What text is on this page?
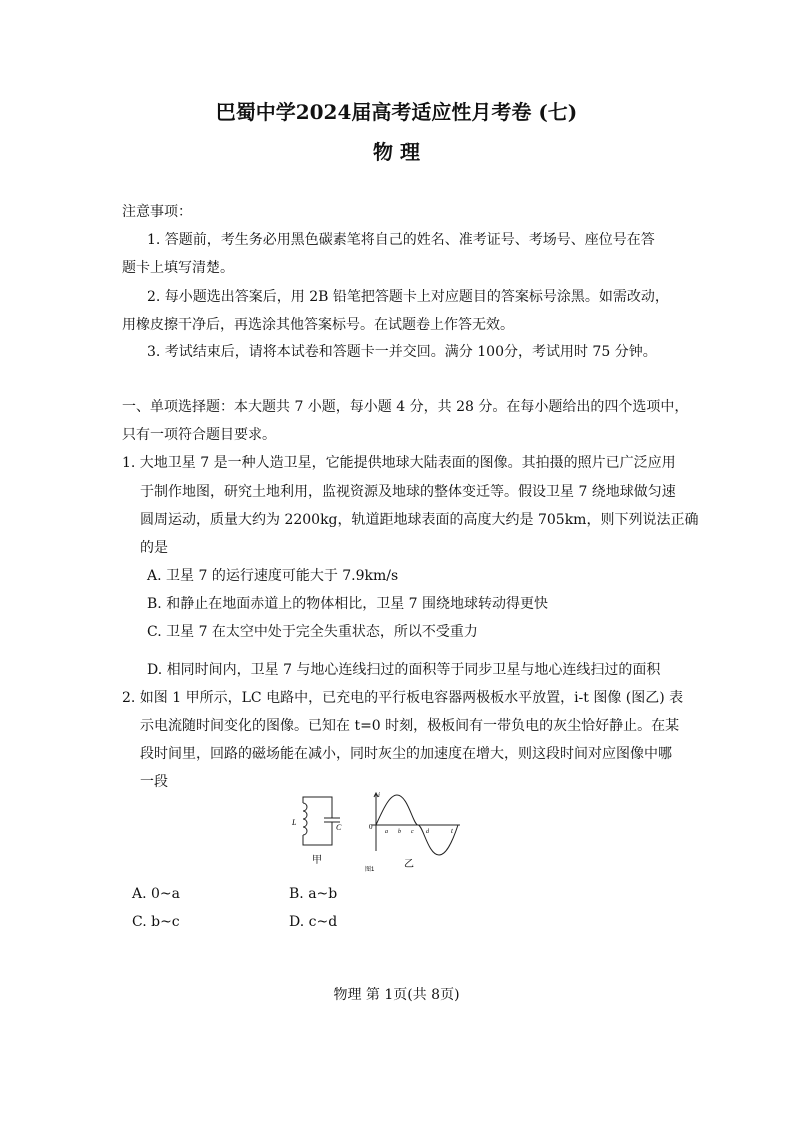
巴蜀中学2024届高考适应性月考卷 (七)
物 理
注意事项：
1. 答题前，考生务必用黑色碳素笔将自己的姓名、准考证号、考场号、座位号在答
题卡上填写清楚。
2. 每小题选出答案后，用 2B 铅笔把答题卡上对应题目的答案标号涂黑。如需改动，
用橡皮擦干净后，再选涂其他答案标号。在试题卷上作答无效。
3. 考试结束后，请将本试卷和答题卡一并交回。满分 100分，考试用时 75 分钟。
一、单项选择题：本大题共 7 小题，每小题 4 分，共 28 分。在每小题给出的四个选项中，
只有一项符合题目要求。
1. 大地卫星 7 是一种人造卫星，它能提供地球大陆表面的图像。其拍摄的照片已广泛应用
于制作地图，研究土地利用，监视资源及地球的整体变迁等。假设卫星 7 绕地球做匀速
圆周运动，质量大约为 2200kg，轨道距地球表面的高度大约是 705km，则下列说法正确
的是
A. 卫星 7 的运行速度可能大于 7.9km/s
B. 和静止在地面赤道上的物体相比，卫星 7 围绕地球转动得更快
C. 卫星 7 在太空中处于完全失重状态，所以不受重力
D. 相同时间内，卫星 7 与地心连线扫过的面积等于同步卫星与地心连线扫过的面积
2. 如图 1 甲所示，LC 电路中，已充电的平行板电容器两极板水平放置，i-t 图像 (图乙) 表
示电流随时间变化的图像。已知在 t=0 时刻，极板间有一带负电的灰尘恰好静止。在某
段时间里，回路的磁场能在减小，同时灰尘的加速度在增大，则这段时间对应图像中哪
一段
L
C
甲
i
t
0
a b c d
图1	乙
A. 0~a	B. a~b
C. b~c	D. c~d
物理 第 1页(共 8页)
